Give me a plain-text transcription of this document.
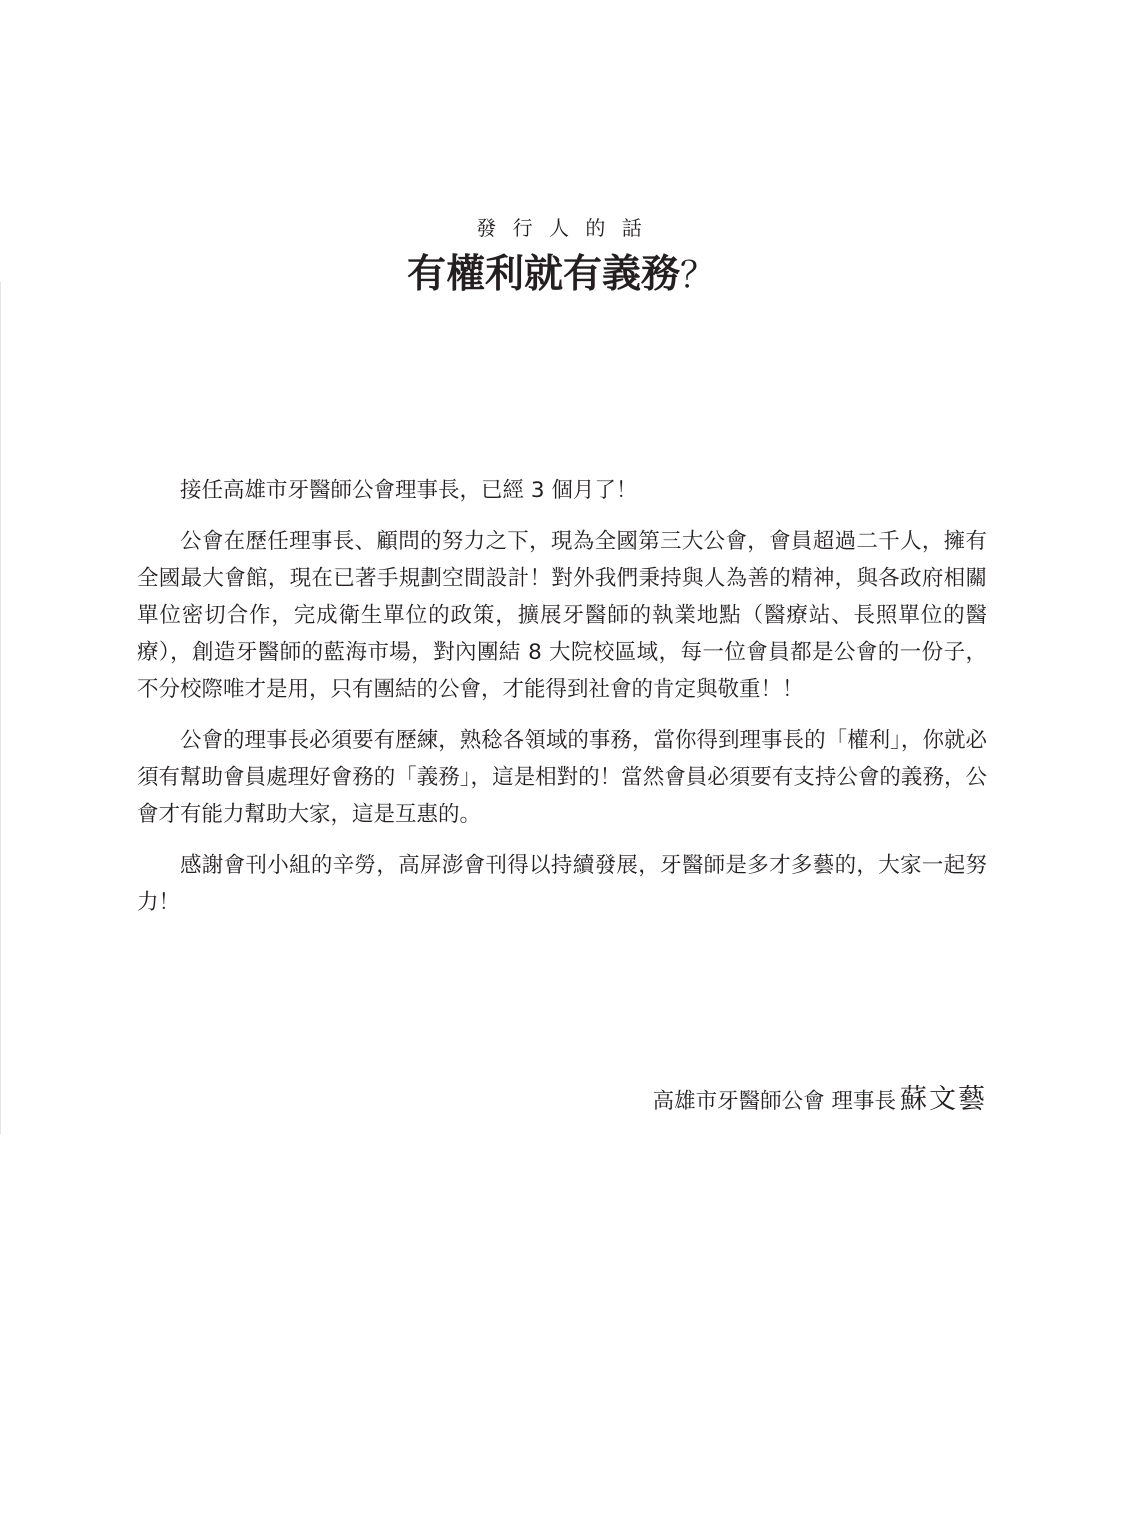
發 行 人 的 話
有權利就有義務？

接任高雄市牙醫師公會理事長，已經 3 個月了！

公會在歷任理事長、顧問的努力之下，現為全國第三大公會，會員超過二千人，擁有全國最大會館，現在已著手規劃空間設計！對外我們秉持與人為善的精神，與各政府相關單位密切合作，完成衛生單位的政策，擴展牙醫師的執業地點（醫療站、長照單位的醫療），創造牙醫師的藍海市場，對內團結 8 大院校區域，每一位會員都是公會的一份子，不分校際唯才是用，只有團結的公會，才能得到社會的肯定與敬重！！

公會的理事長必須要有歷練，熟稔各領域的事務，當你得到理事長的「權利」，你就必須有幫助會員處理好會務的「義務」，這是相對的！當然會員必須要有支持公會的義務，公會才有能力幫助大家，這是互惠的。

感謝會刊小組的辛勞，高屏澎會刊得以持續發展，牙醫師是多才多藝的，大家一起努力！

高雄市牙醫師公會 理事長 蘇文藝
